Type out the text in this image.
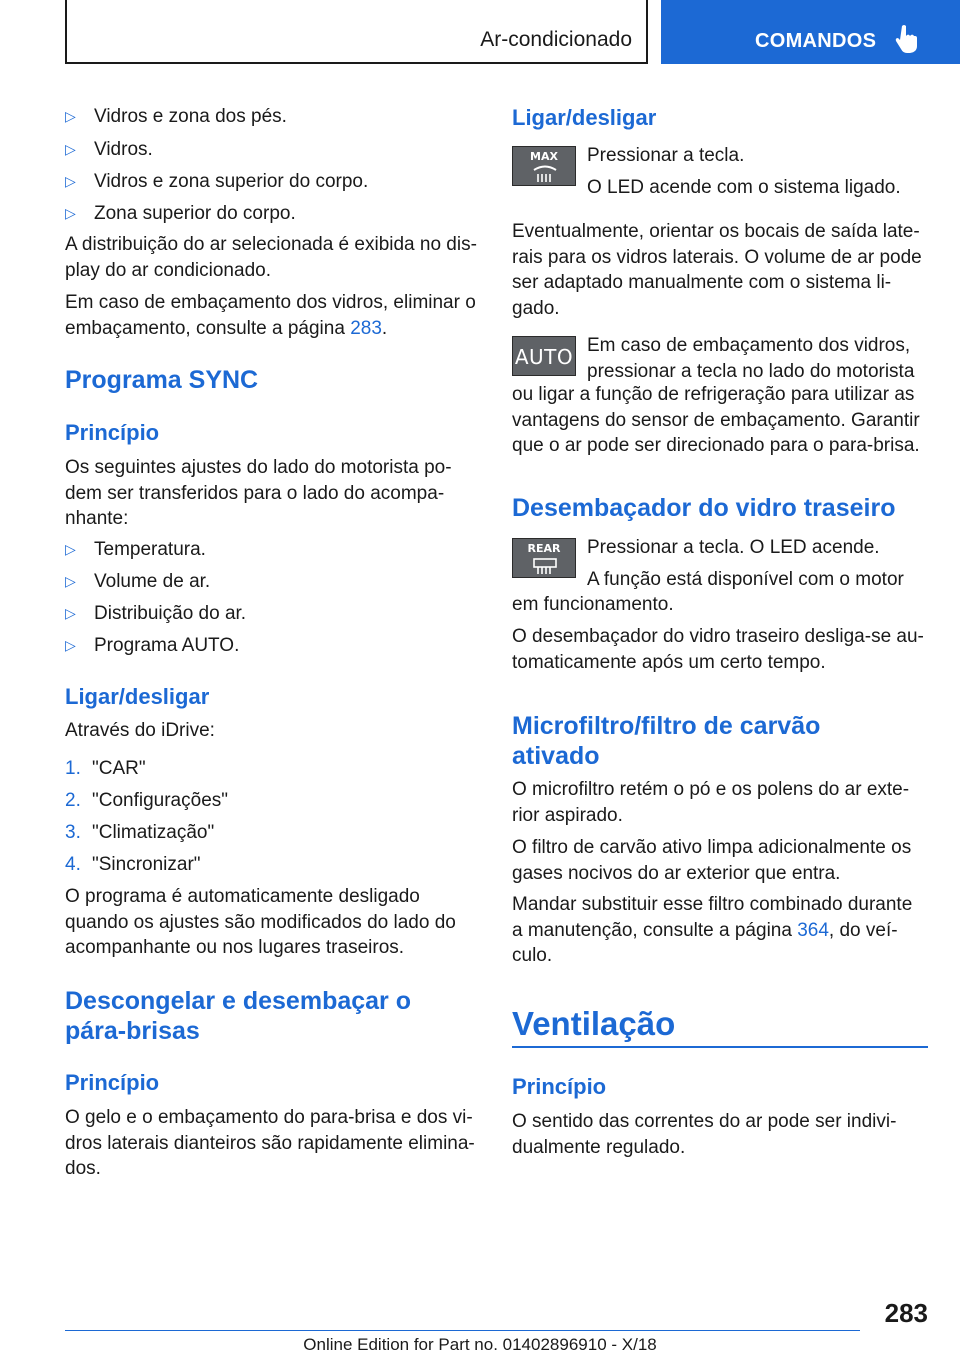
Ar-condicionado	COMANDOS
▷ Vidros e zona dos pés.
▷ Vidros.
▷ Vidros e zona superior do corpo.
▷ Zona superior do corpo.

A distribuição do ar selecionada é exibida no dis-
play do ar condicionado.

Em caso de embaçamento dos vidros, eliminar o
embaçamento, consulte a página 283.

Programa SYNC
Princípio

Os seguintes ajustes do lado do motorista po-
dem ser transferidos para o lado do acompa-
nhante:

▷ Temperatura.
▷ Volume de ar.
▷ Distribuição do ar.
▷ Programa AUTO.
Ligar/desligar

Através do iDrive:

1. "CAR"
2. "Configurações"
3. "Climatização"
4. "Sincronizar"

O programa é automaticamente desligado
quando os ajustes são modificados do lado do
acompanhante ou nos lugares traseiros.

Descongelar e desembaçar o
pára-brisas
Princípio

O gelo e o embaçamento do para-brisa e dos vi-
dros laterais dianteiros são rapidamente elimina-
dos.

Ligar/desligar
MAX	Pressionar a tecla.

O LED acende com o sistema ligado.

Eventualmente, orientar os bocais de saída late-
rais para os vidros laterais. O volume de ar pode
ser adaptado manualmente com o sistema li-
gado.

AUTO Em caso de embaçamento dos vidros,
pressionar a tecla no lado do motorista

ou ligar a função de refrigeração para utilizar as
vantagens do sensor de embaçamento. Garantir
que o ar pode ser direcionado para o para-brisa.

Desembaçador do vidro traseiro
REAR	Pressionar a tecla. O LED acende.

A função está disponível com o motor

em funcionamento.

O desembaçador do vidro traseiro desliga-se au-
tomaticamente após um certo tempo.

Microfiltro/filtro de carvão
ativado

O microfiltro retém o pó e os polens do ar exte-
rior aspirado.

O filtro de carvão ativo limpa adicionalmente os
gases nocivos do ar exterior que entra.

Mandar substituir esse filtro combinado durante
a manutenção, consulte a página 364, do veí-
culo.

Ventilação
Princípio

O sentido das correntes do ar pode ser indivi-
dualmente regulado.

283
Online Edition for Part no. 01402896910 - X/18
